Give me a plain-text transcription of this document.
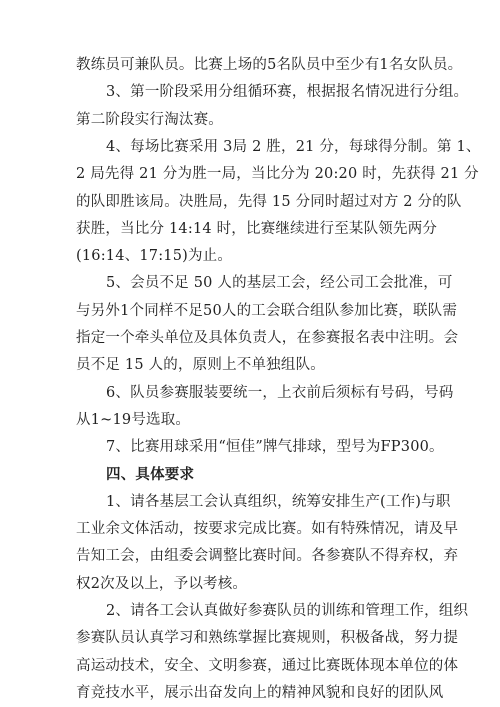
教练员可兼队员。比赛上场的5名队员中至少有1名女队员。
3、第一阶段采用分组循环赛，根据报名情况进行分组。
第二阶段实行淘汰赛。
4、每场比赛采用 3局 2 胜，21 分，每球得分制。第 1、
2 局先得 21 分为胜一局，当比分为 20:20 时，先获得 21 分
的队即胜该局。决胜局，先得 15 分同时超过对方 2 分的队
获胜，当比分 14:14 时，比赛继续进行至某队领先两分
(16:14、17:15)为止。
5、会员不足 50 人的基层工会，经公司工会批准，可
与另外1个同样不足50人的工会联合组队参加比赛，联队需
指定一个牵头单位及具体负责人，在参赛报名表中注明。会
员不足 15 人的，原则上不单独组队。
6、队员参赛服装要统一，上衣前后须标有号码，号码
从1~19号选取。
7、比赛用球采用“恒佳”牌气排球，型号为FP300。
四、具体要求
1、请各基层工会认真组织，统筹安排生产(工作)与职
工业余文体活动，按要求完成比赛。如有特殊情况，请及早
告知工会，由组委会调整比赛时间。各参赛队不得弃权，弃
权2次及以上，予以考核。
2、请各工会认真做好参赛队员的训练和管理工作，组织
参赛队员认真学习和熟练掌握比赛规则，积极备战，努力提
高运动技术，安全、文明参赛，通过比赛既体现本单位的体
育竞技水平，展示出奋发向上的精神风貌和良好的团队风
